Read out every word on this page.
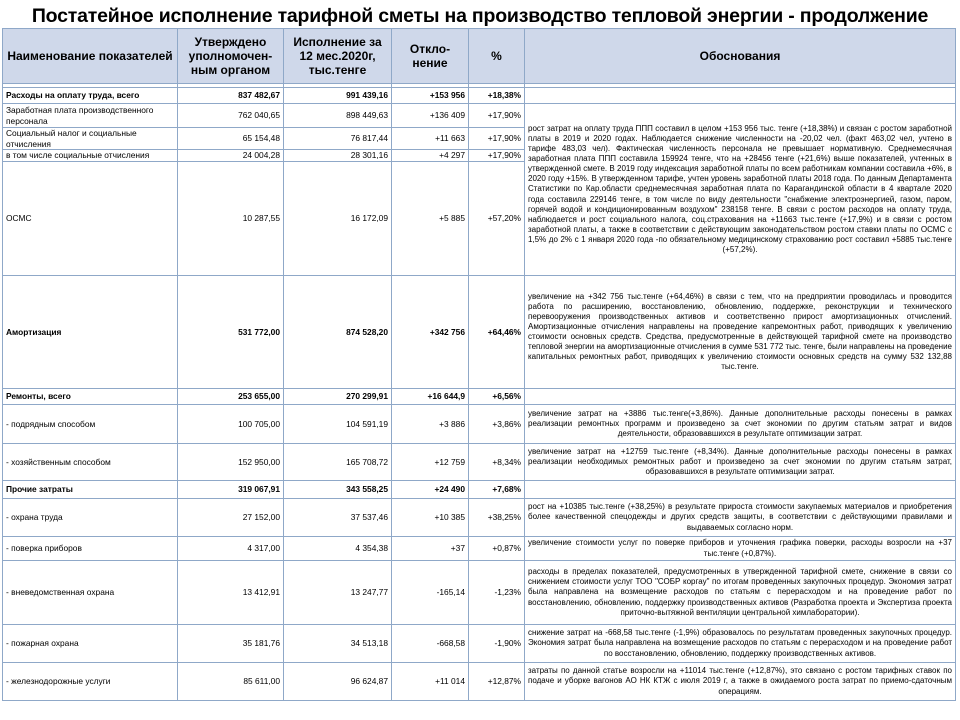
Постатейное исполнение тарифной сметы на производство тепловой энергии - продолжение
Наименование показателей	Утверждено уполномочен-ным органом	Исполнение за 12 мес.2020г, тыс.тенге	Откло-нение	%	Обоснования

Расходы на оплату труда, всего	837 482,67	991 439,16	+153 956	+18,38%	
Заработная плата производственного персонала	762 040,65	898 449,63	+136 409	+17,90%	рост затрат на оплату труда ППП составил в целом +153 956 тыс. тенге (+18,38%) и связан с ростом заработной платы в 2019 и 2020 годах. Наблюдается снижение численности на -20,02 чел. (факт 463,02 чел, учтено в тарифе 483,03 чел). Фактическая численность персонала не превышает нормативную. Среднемесячная заработная плата ППП составила 159924 тенге, что на +28456 тенге (+21,6%) выше показателей, учтенных в утвержденной смете. В 2019 году индексация заработной платы по всем работникам компании составила +6%, в 2020 году +15%. В утвержденном тарифе, учтен уровень заработной платы 2018 года. По данным Департамента Статистики по Кар.области среднемесячная заработная плата по Карагандинской области в 4 квартале 2020 года составила 229146 тенге, в том числе по виду деятельности "снабжение электроэнергией, газом, паром, горячей водой и кондиционированным воздухом" 238158 тенге. В связи с ростом расходов на оплату труда, наблюдается и рост социального налога, соц.страхования на +11663 тыс.тенге (+17,9%) и в связи с ростом заработной платы, а также в соответствии с действующим законодательством ростом ставки платы по ОСМС с 1,5% до 2% с 1 января 2020 года -по обязательному медицинскому страхованию рост составил +5885 тыс.тенге (+57,2%).
Социальный налог и социальные отчисления	65 154,48	76 817,44	+11 663	+17,90%	
в том числе социальные отчисления	24 004,28	28 301,16	+4 297	+17,90%	
ОСМС	10 287,55	16 172,09	+5 885	+57,20%	
Амортизация	531 772,00	874 528,20	+342 756	+64,46%	увеличение на +342 756 тыс.тенге (+64,46%) в связи с тем, что на предприятии проводилась и проводится работа по расширению, восстановлению, обновлению, поддержке, реконструкции и технического перевооружения производственных активов и соответственно прирост амортизационных отчислений. Амортизационные отчисления направлены на проведение капремонтных работ, приводящих к увеличению стоимости основных средств. Средства, предусмотренные в действующей тарифной смете на производство тепловой энергии на амортизационные отчисления в сумме 531 772 тыс. тенге, были направлены на проведение капитальных ремонтных работ, приводящих к увеличению стоимости основных средств на сумму 532 132,88 тыс.тенге.
Ремонты, всего	253 655,00	270 299,91	+16 644,9	+6,56%	
- подрядным способом	100 705,00	104 591,19	+3 886	+3,86%	увеличение затрат на +3886 тыс.тенге(+3,86%). Данные дополнительные расходы понесены в рамках реализации ремонтных программ и произведено за счет экономии по другим статьям затрат и видов деятельности, образовавшихся в результате оптимизации затрат.
- хозяйственным способом	152 950,00	165 708,72	+12 759	+8,34%	увеличение затрат на +12759 тыс.тенге (+8,34%). Данные дополнительные расходы понесены в рамках реализации необходимых ремонтных работ и произведено за счет экономии по другим статьям затрат, образовавшихся в результате оптимизации затрат.
Прочие затраты	319 067,91	343 558,25	+24 490	+7,68%	
- охрана труда	27 152,00	37 537,46	+10 385	+38,25%	рост на +10385 тыс.тенге (+38,25%) в результате прироста стоимости закупаемых материалов и приобретения более качественной спецодежды и других средств защиты, в соответствии с действующими правилами и выдаваемых согласно норм.
- поверка приборов	4 317,00	4 354,38	+37	+0,87%	увеличение стоимости услуг по поверке приборов и уточнения графика поверки, расходы возросли на +37 тыс.тенге (+0,87%).
- вневедомственная охрана	13 412,91	13 247,77	-165,14	-1,23%	расходы в пределах показателей, предусмотренных в утвержденной тарифной смете, снижение в связи со снижением стоимости услуг ТОО "СОБР коргау" по итогам проведенных закупочных процедур. Экономия затрат была направлена на возмещение расходов по статьям с перерасходом и на проведение работ по восстановлению, обновлению, поддержку производственных активов (Разработка проекта и Экспертиза проекта приточно-вытяжной вентиляции центральной химлаборатории).
- пожарная охрана	35 181,76	34 513,18	-668,58	-1,90%	снижение затрат на -668,58 тыс.тенге (-1,9%) образовалось по результатам проведенных закупочных процедур. Экономия затрат была направлена на возмещение расходов по статьям с перерасходом и на проведение работ по восстановлению, обновлению, поддержку производственных активов.
- железнодорожные услуги	85 611,00	96 624,87	+11 014	+12,87%	затраты по данной статье возросли на +11014 тыс.тенге (+12,87%), это связано с ростом тарифных ставок по подаче и уборке вагонов АО НК КТЖ с июля 2019 г, а также в ожидаемого роста затрат по приемо-сдаточным операциям.
